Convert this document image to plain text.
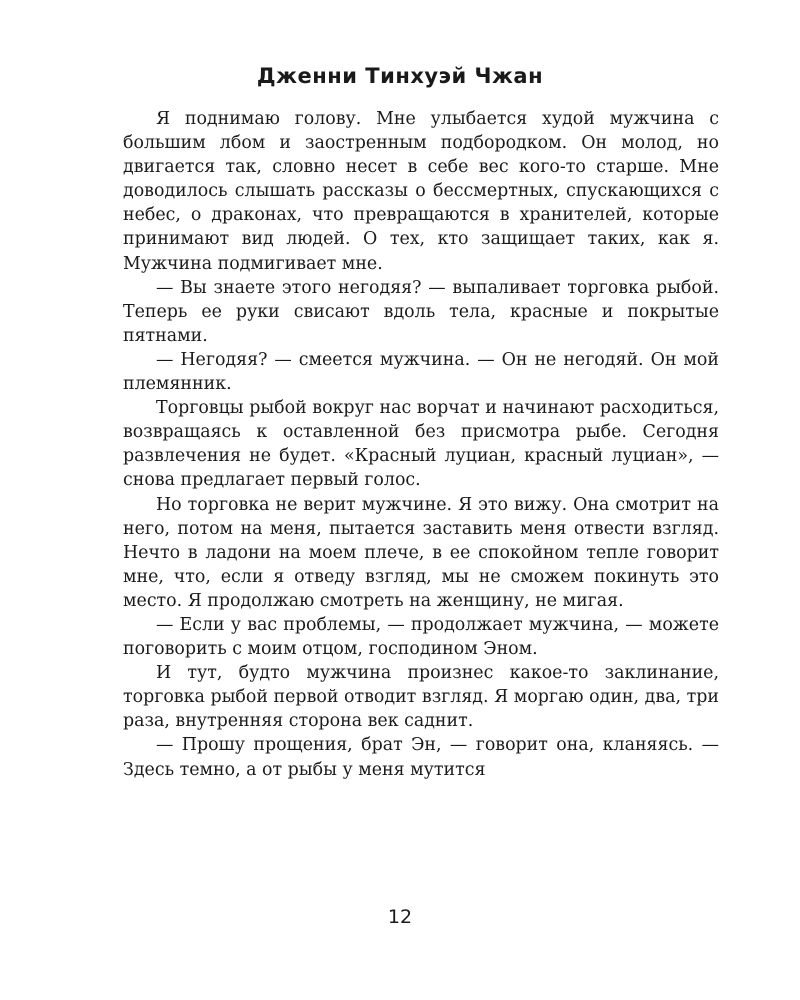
Дженни Тинхуэй Чжан

Я поднимаю голову. Мне улыбается худой мужчина с большим лбом и заостренным подбородком. Он молод, но двигается так, словно несет в себе вес кого-то старше. Мне доводилось слышать рассказы о бессмертных, спускающихся с небес, о драконах, что превращаются в хранителей, которые принимают вид людей. О тех, кто защищает таких, как я. Мужчина подмигивает мне.

— Вы знаете этого негодяя? — выпаливает торговка рыбой. Теперь ее руки свисают вдоль тела, красные и покрытые пятнами.

— Негодяя? — смеется мужчина. — Он не негодяй. Он мой племянник.

Торговцы рыбой вокруг нас ворчат и начинают расходиться, возвращаясь к оставленной без присмотра рыбе. Сегодня развлечения не будет. «Красный луциан, красный луциан», — снова предлагает первый голос.

Но торговка не верит мужчине. Я это вижу. Она смотрит на него, потом на меня, пытается заставить меня отвести взгляд. Нечто в ладони на моем плече, в ее спокойном тепле говорит мне, что, если я отведу взгляд, мы не сможем покинуть это место. Я продолжаю смотреть на женщину, не мигая.

— Если у вас проблемы, — продолжает мужчина, — можете поговорить с моим отцом, господином Эном.

И тут, будто мужчина произнес какое-то заклинание, торговка рыбой первой отводит взгляд. Я моргаю один, два, три раза, внутренняя сторона век саднит.

— Прошу прощения, брат Эн, — говорит она, кланяясь. — Здесь темно, а от рыбы у меня мутится

12
